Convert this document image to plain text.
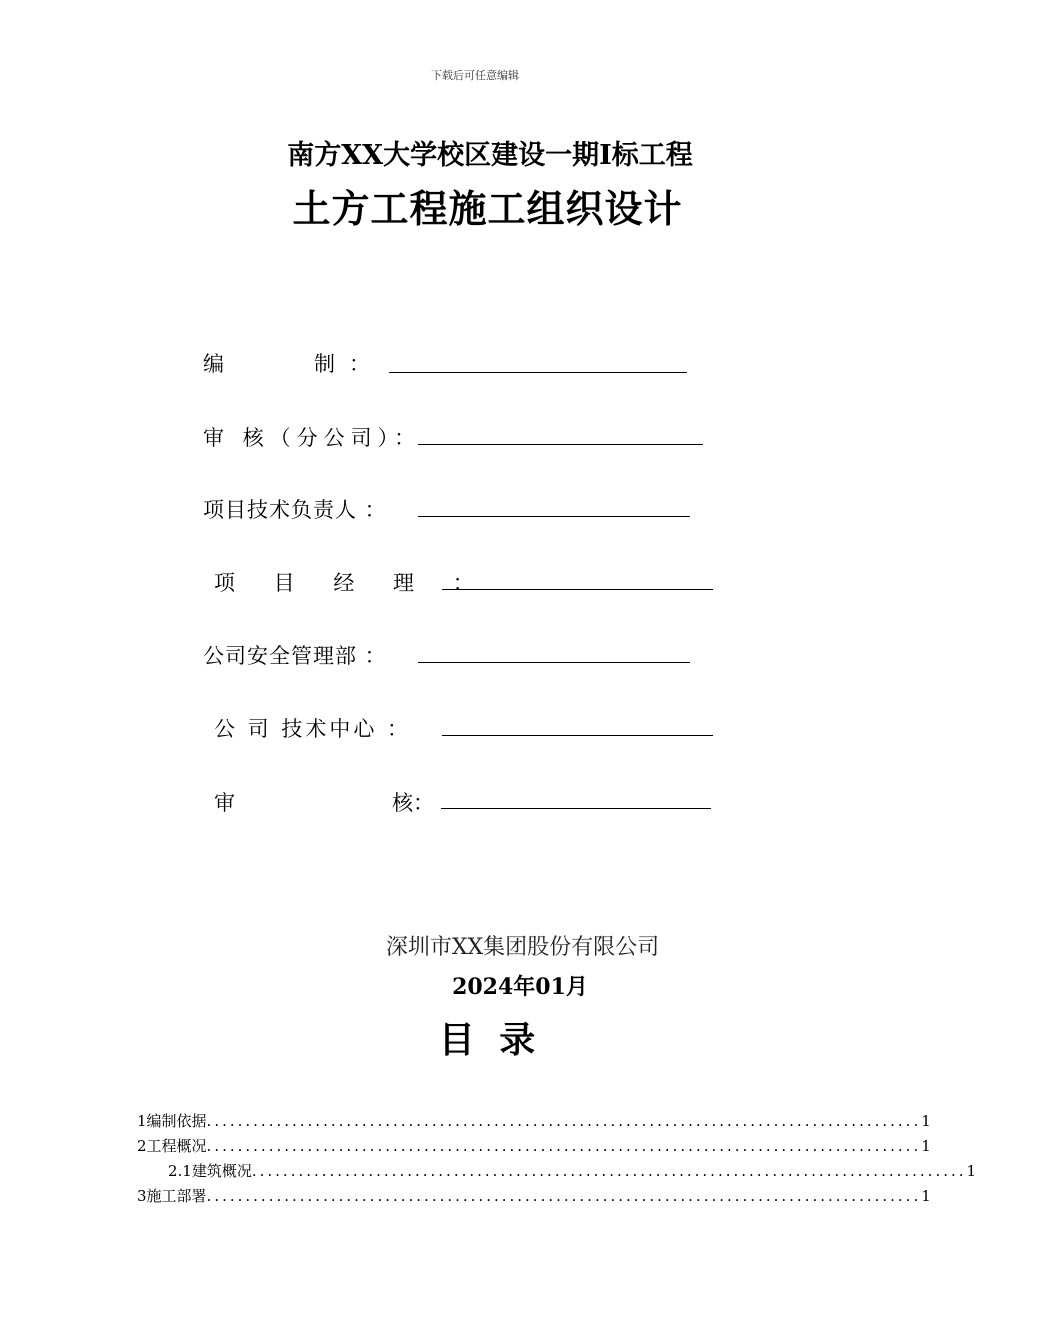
下载后可任意编辑
南方XX大学校区建设一期Ⅰ标工程
土方工程施工组织设计
编	制 ：
审 核（分公司）：
项目技术负责人 ：
项 目 经 理 ：
公司安全管理部 ：
公 司 技术中心 ：
审	核：
深圳市XX集团股份有限公司
2024年01月
目 录
1编制依据 ............................................................................................ 1
2工程概况 ............................................................................................ 1
2.1建筑概况 ............................................................................................ 1
3施工部署 ............................................................................................ 1
